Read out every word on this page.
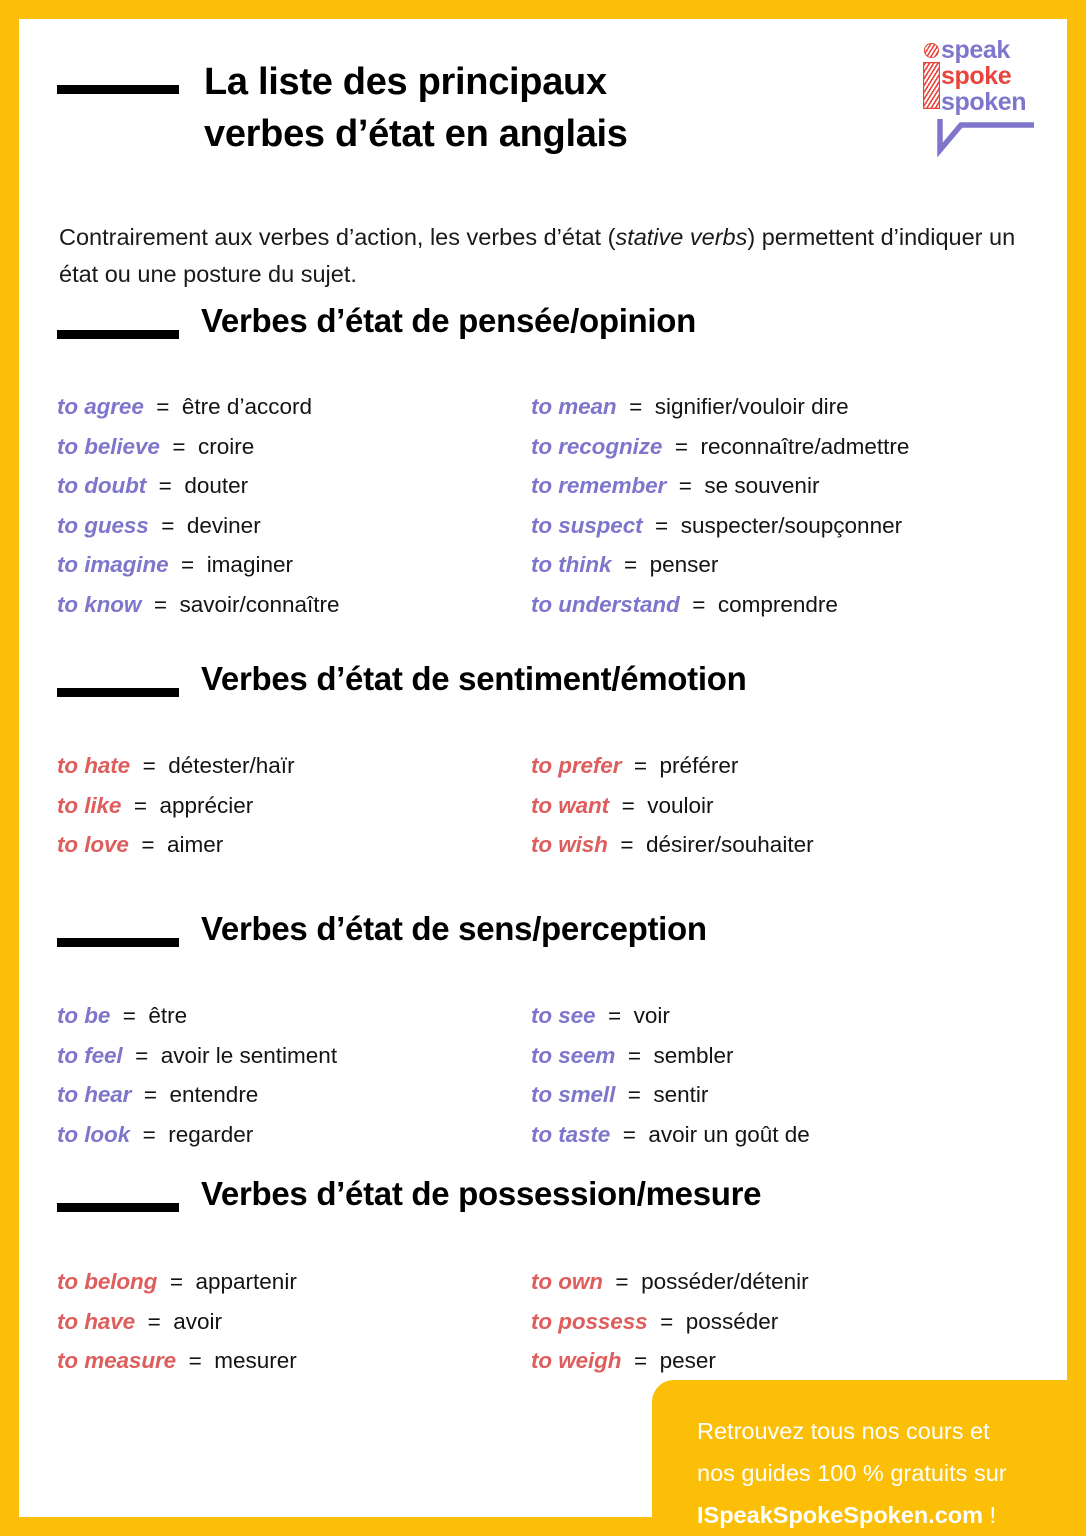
La liste des principaux
verbes d’état en anglais
speak
spoke
spoken

Contrairement aux verbes d’action, les verbes d’état (stative verbs) permettent d’indiquer un état ou une posture du sujet.

Verbes d’état de pensée/opinion
to agree = être d’accord
to believe = croire
to doubt = douter
to guess = deviner
to imagine = imaginer
to know = savoir/connaître
to mean = signifier/vouloir dire
to recognize = reconnaître/admettre
to remember = se souvenir
to suspect = suspecter/soupçonner
to think = penser
to understand = comprendre
Verbes d’état de sentiment/émotion
to hate = détester/haïr
to like = apprécier
to love = aimer
to prefer = préférer
to want = vouloir
to wish = désirer/souhaiter
Verbes d’état de sens/perception
to be = être
to feel = avoir le sentiment
to hear = entendre
to look = regarder
to see = voir
to seem = sembler
to smell = sentir
to taste = avoir un goût de
Verbes d’état de possession/mesure
to belong = appartenir
to have = avoir
to measure = mesurer
to own = posséder/détenir
to possess = posséder
to weigh = peser
Retrouvez tous nos cours et
nos guides 100 % gratuits sur
ISpeakSpokeSpoken.com !
